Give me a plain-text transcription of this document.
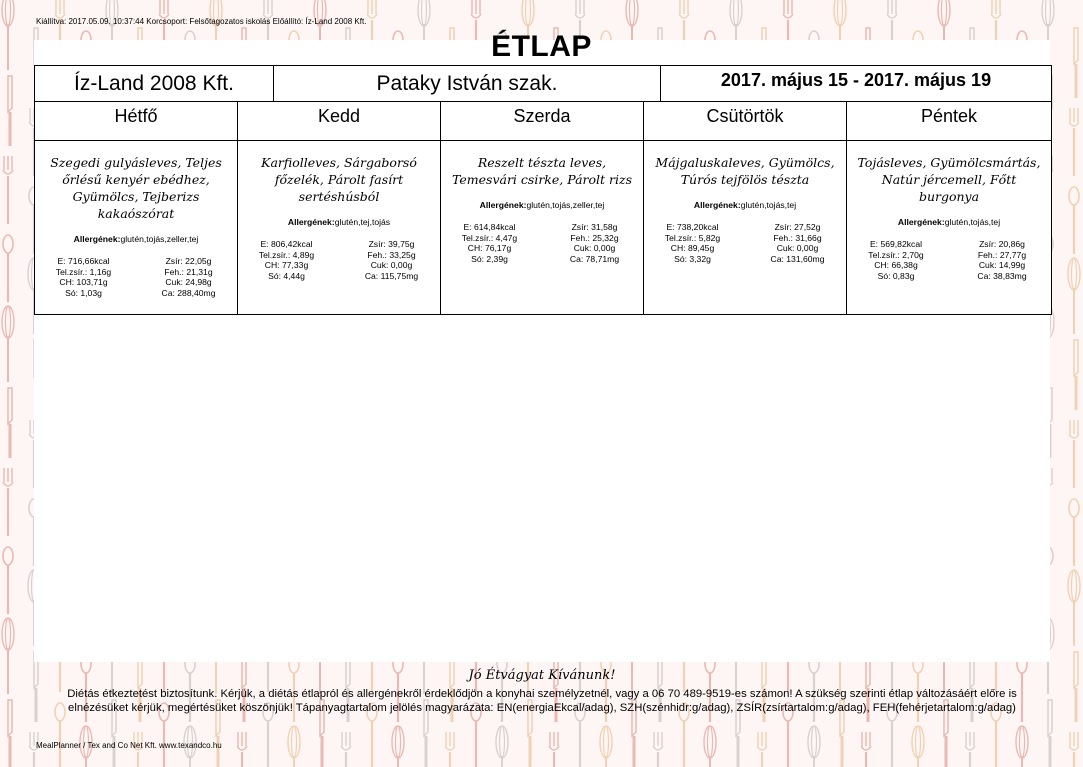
Kiállítva: 2017.05.09. 10:37:44 Korcsoport: Felsőtagozatos iskolás Előállító: Íz-Land 2008 Kft.
ÉTLAP
Íz-Land 2008 Kft.	Pataky István szak.	2017. május 15 - 2017. május 19
Hétfő	Kedd	Szerda	Csütörtök	Péntek
Szegedi gulyásleves, Teljes őrlésű kenyér ebédhez, Gyümölcs, Tejberizs kakaószórat
Allergének:glutén,tojás,zeller,tej
E: 716,66kcal	Zsír: 22,05g
Tel.zsír.: 1,16g	Feh.: 21,31g
CH: 103,71g	Cuk: 24,98g
Só: 1,03g	Ca: 288,40mg
Karfiolleves, Sárgaborsó főzelék, Párolt fasírt sertéshúsból
Allergének:glutén,tej,tojás
E: 806,42kcal	Zsír: 39,75g
Tel.zsír.: 4,89g	Feh.: 33,25g
CH: 77,33g	Cuk: 0,00g
Só: 4,44g	Ca: 115,75mg
Reszelt tészta leves, Temesvári csirke, Párolt rizs
Allergének:glutén,tojás,zeller,tej
E: 614,84kcal	Zsír: 31,58g
Tel.zsír.: 4,47g	Feh.: 25,32g
CH: 76,17g	Cuk: 0,00g
Só: 2,39g	Ca: 78,71mg
Májgaluskaleves, Gyümölcs, Túrós tejfölös tészta
Allergének:glutén,tojás,tej
E: 738,20kcal	Zsír: 27,52g
Tel.zsír.: 5,82g	Feh.: 31,66g
CH: 89,45g	Cuk: 0,00g
Só: 3,32g	Ca: 131,60mg
Tojásleves, Gyümölcsmártás, Natúr jércemell, Főtt burgonya
Allergének:glutén,tojás,tej
E: 569,82kcal	Zsír: 20,86g
Tel.zsír.: 2,70g	Feh.: 27,77g
CH: 66,38g	Cuk: 14,99g
Só: 0,83g	Ca: 38,83mg
Jó Étvágyat Kívánunk!
Diétás étkeztetést biztosítunk. Kérjük, a diétás étlapról és allergénekről érdeklődjön a konyhai személyzetnél, vagy a 06 70 489-9519-es számon! A szükség szerinti étlap változásáért előre is elnézésüket kérjük, megértésüket köszönjük! Tápanyagtartalom jelölés magyarázata: EN(energiaEkcal/adag), SZH(szénhidr:g/adag), ZSÍR(zsírtartalom:g/adag), FEH(fehérjetartalom:g/adag)
MealPlanner / Tex and Co Net Kft. www.texandco.hu
